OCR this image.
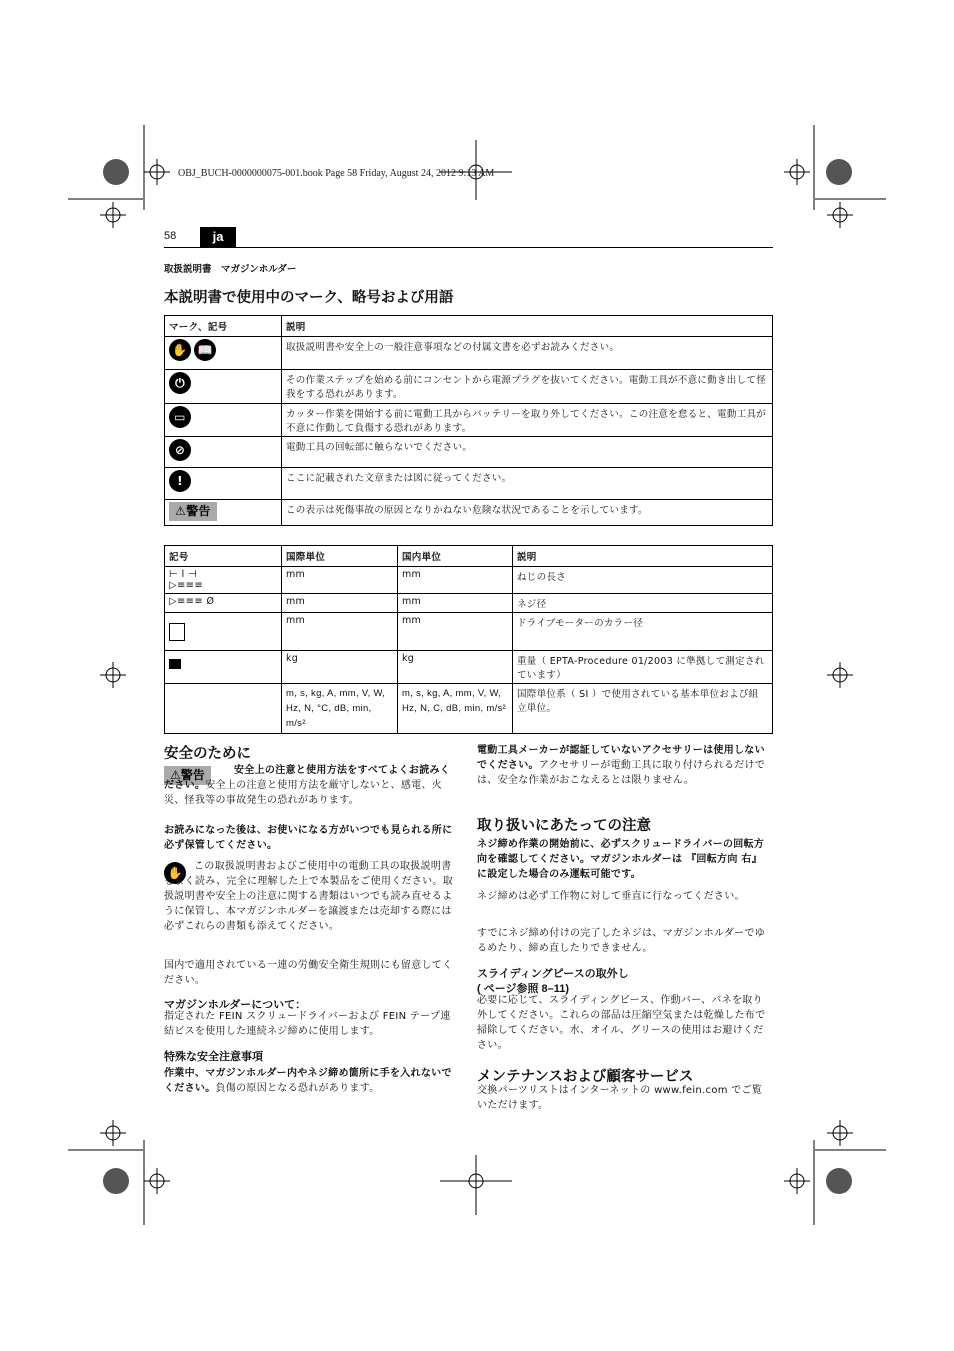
OBJ_BUCH-0000000075-001.book Page 58 Friday, August 24, 2012 9:13 AM
58	ja
取扱説明書　マガジンホルダー
本説明書で使用中のマーク、略号および用語
マーク、記号	説明
✋ 📖	取扱説明書や安全上の一般注意事項などの付属文書を必ずお読みください。
⏻	その作業ステップを始める前にコンセントから電源プラグを抜いてください。電動工具が不意に動き出して怪我をする恐れがあります。
▭	カッター作業を開始する前に電動工具からバッテリーを取り外してください。この注意を怠ると、電動工具が不意に作動して負傷する恐れがあります。
⊘	電動工具の回転部に触らないでください。
!	ここに記載された文章または図に従ってください。
⚠警告	この表示は死傷事故の原因となりかねない危険な状況であることを示しています。
記号	国際単位	国内単位	説明
⊢ l ⊣
▷≡≡≡	mm	mm	ねじの長さ
▷≡≡≡ Ø	mm	mm	ネジ径
	mm	mm	ドライブモーターのカラー径
	kg	kg	重量（ EPTA-Procedure 01/2003 に準拠して測定されています）
	m, s, kg, A, mm, V, W, Hz, N, °C, dB, min, m/s²	m, s, kg, A, mm, V, W, Hz, N, C, dB, min, m/s²	国際単位系（ SI ）で使用されている基本単位および組立単位。
安全のために
⚠警告	安全上の注意と使用方法をすべてよくお読みください。安全上の注意と使用方法を厳守しないと、感電、火災、怪我等の事故発生の恐れがあります。
お読みになった後は、お使いになる方がいつでも見られる所に必ず保管してください。
✋	この取扱説明書およびご使用中の電動工具の取扱説明書をよく読み、完全に理解した上で本製品をご使用ください。取扱説明書や安全上の注意に関する書類はいつでも読み直せるように保管し、本マガジンホルダーを譲渡または売却する際には必ずこれらの書類も添えてください。
国内で適用されている一連の労働安全衛生規則にも留意してください。
マガジンホルダーについて：
指定された FEIN スクリュードライバーおよび FEIN テープ連結ビスを使用した連続ネジ締めに使用します。
特殊な安全注意事項
作業中、マガジンホルダー内やネジ締め箇所に手を入れないでください。負傷の原因となる恐れがあります。
電動工具メーカーが認証していないアクセサリーは使用しないでください。アクセサリーが電動工具に取り付けられるだけでは、安全な作業がおこなえるとは限りません。
取り扱いにあたっての注意
ネジ締め作業の開始前に、必ずスクリュードライバーの回転方向を確認してください。マガジンホルダーは 『回転方向 右』に設定した場合のみ運転可能です。
ネジ締めは必ず工作物に対して垂直に行なってください。
すでにネジ締め付けの完了したネジは、マガジンホルダーでゆるめたり、締め直したりできません。
スライディングピースの取外し
( ページ参照 8–11)
必要に応じて、スライディングピース、作動バー、バネを取り外してください。これらの部品は圧縮空気または乾燥した布で掃除してください。水、オイル、グリースの使用はお避けください。
メンテナンスおよび顧客サービス
交換パーツリストはインターネットの www.fein.com でご覧いただけます。
